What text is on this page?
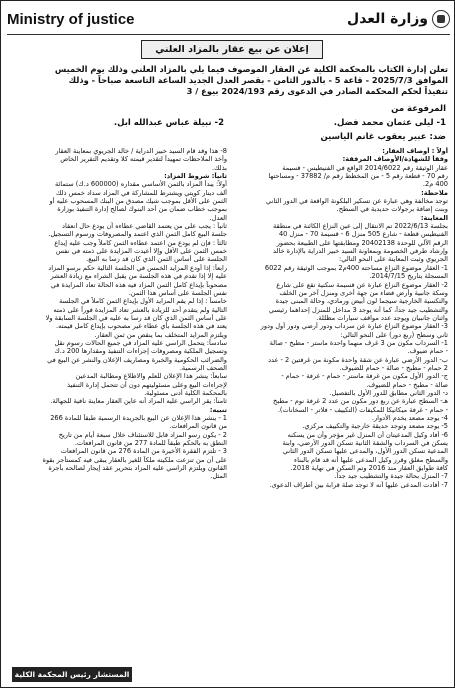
Ministry of justice	وزارة العدل
إعلان عن بيع عقار بالمزاد العلني
تعلن إدارة الكتاب بالمحكمة الكلية عن العقار الموصوف فيما يلي بالمزاد العلني وذلك يوم الخميس
الموافق 2025/7/3 - قاعة 5 - بالدور الثامن - بقصر العدل الجديد الساعة التاسعة صباحاً - وذلك
تنفيذاً لحكم المحكمة الصادر في الدعوى رقم 2024/193 بيوع / 3
المرفوعة من
1- ليلى عثمان محمد فضل.
2- نبيلة عباس عبدالله ابل.
ضد: عبير يعقوب غانم الياسين
أولاً : أوصاف العقار:
وفقاً للشهادة/الأوصاف المرفقة:
عقار الوثيقة رقم 2014/6022 الواقع في الفنيطيس - قسيمة
رقم 70 - قطعة رقم 5 - من المخطط رقم م/ 37882 - ومساحتها
400 م2.
ملاحظة:
توجد مخالفة وهي عبارة عن تسكير البلكونة الواقعة في الدور الثاني
وبنت إضافة برجولات حديدية في السطح.
المعاينة:
بجلسة 2022/6/13 تم الانتقال إلى عين النزاع الكائنة في منطقة
الفنيطيس قطعة - شارع 505 منزل 6 - قسيمة 70 - منزل 40
الرقم الآلي للوحدة 20402138 ومطابقتها على الطبيعة بحضور
وإرشاد طرفي الخصومة وبمعاونة السيد خبير الدراية بالإدارة خالد
الجريوي وثبت المعاينة على النحو التالي:
1- العقار موضوع النزاع مساحته 400م2 بموجب الوثيقة رقم 6022
المسجلة بتاريخ 2014/7/15.
2- العقار موضوع النزاع عبارة عن قسيمة سكنية تقع على شارع
وسكة جانبية وأرض فضاء من جهة أخرى ومنزل آخر من الخلف
والتكسية الخارجية سيجما لون أبيض ورمادي، وحالة المبنى جيدة
والتشطيب جيد جداً، كما أنه يوجد 3 مداخل للمنزل إحداهما رئيسي
واثنان جانبيان ويوجد عدد مواقف سيارات مظللة.
3- العقار موضوع النزاع عبارة عن سرداب ودور أرضي ودور أول ودور
ثاني وسطح (ربع دور) على النحو التالي:
1- السرداب مكون من 3 غرف منهما واحدة ماستر - مطبخ - صالة
- حمام ضيوف.
ب- الدور الأرضي عبارة عن شقة واحدة مكونة من غرفتين 2 - عدد
2 حمام - مطبخ - صالة - حمام للضيوف.
ج- الدور الأول مكون من غرفة ماستر - حمام - غرفة - حمام -
صالة - مطبخ - حمام للضيوف.
د- الدور الثاني مطابق للدور الأول بالتفصيل.
هـ- السطح عبارة عن ربع دور مكون من عدد 2 غرفة نوم - مطبخ
- حمام - غرفة ميكانيكا للمكيفات (التكييف - فلاتر - السخانات).
4- يوجد مصعد يخدم الأدوار.
5- يوجد مصعد وتوجد حديقة خارجية والتكييف مركزي.
6- أفاد وكيل المدعيتان أن المنزل غير مؤجر وأن من يسكنه
يسكن في السرداب والشقة الثانية تسكن الدور الأرضي، وابنة
المدعية تسكن الدور الأول، والمدعى عليها تسكن الدور الثاني
والسطح مغلق وقرر وكيل المدعى عليها أنه قد قام بالبناء
كافة طوابق العقار منذ 2016 وتم السكن في نهاية 2018.
7- المنزل بحالة جيدة والتشطيب جيد جداً.
7- أفادت المدعى عليها أنه لا توجد صلة قرابة بين أطراف الدعوى.
8- هذا وقد قام السيد خبير الدراية / خالد الجريوي بمعاينة العقار
وأخذ الملاحظات تمهيداً لتقدير قيمته كلا وتقديم التقرير الخاص
بذلك.
ثانياً: شروط المزاد:
أولاً: يبدأ المزاد بالثمن الأساسي مقداره (600000 د.ك) ستمائة
ألف دينار كويتي ويشترط للمشاركة في المزاد سداد خمس ذلك
الثمن على الأقل بموجب شيك مصدق من البنك المسحوب عليه أو
بموجب خطاب ضمان من أحد البنوك لصالح إدارة التنفيذ بوزارة
العدل.
ثانياً : يجب على من يعتمد القاضي عطاءه أن يودع حال انعقاد
جلسة البيع كامل الثمن الذي اعتمد والمصروفات ورسوم التسجيل.
ثالثاً : فإن لم يودع من اعتمد عطاءه الثمن كاملاً وجب عليه إيداع
خمس الثمن على الأقل وإلا أعيدت المزايدة على ذمته في نفس
الجلسة على أساس الثمن الذي كان قد رسا به البيع.
رابعاً: إذا أودع المزايد الخمس في الجلسة التالية حكم برسو المزاد
عليه إلا إذا تقدم في هذه الجلسة من يقبل الشراء مع زيادة العشر
مصحوباً بإيداع كامل الثمن المزاد فيه هذه الحالة تعاد المزايدة في
نفس الجلسة على أساس هذا الثمن.
خامساً : إذا لم يقم المزايد الأول بإيداع الثمن كاملاً في الجلسة
التالية ولم يتقدم أحد للزيادة بالعشر تعاد المزايدة فوراً على ذمته
على أساس الثمن الذي كان قد رسا به عليه في الجلسة السابقة ولا
يعتد في هذه الجلسة بأي عطاء غير مصحوب بإيداع كامل قيمته.
ويلتزم المزايد المتخلف بما ينقص من ثمن العقار.
سادساً: يتحمل الراسي عليه المزاد في جميع الحالات رسوم نقل
وتسجيل الملكية ومصروفات إجراءات التنفيذ ومقدارها 200 د.ك
والضرائب الحكومية والخبرة ومصاريف الإعلان والنشر عن البيع في
الصحف الرسمية.
سابعاً: ينشر هذا الإعلان للعلم والاطلاع ومطالبة المدعين
لإجراءات البيع وعلى مسئوليتهم دون أن تتحمل إدارة التنفيذ
بالمحكمة الكلية أدنى مسئولية.
ثامناً: يقر الراسي عليه المزاد أنه عاين العقار معاينة نافية للجهالة.
تنبيه:
1 - ينشر هذا الإعلان عن البيع بالجريدة الرسمية طبقاً للمادة 266
من قانون المرافعات.
2 - يكون رسو المزاد قابل للاستئناف خلال سبعة أيام من تاريخ
النطق به بالحكم طبقاً للمادة 277 من قانون المرافعات.
3 - تلتزم الفقرة الأخيرة من المادة 276 من قانون المرافعات
على أن من تنزعت ملكيته ملكاً للغير بالعقار يبقى فيه كمستأجر بقوة
القانون ويلتزم الراسي عليه المزاد بتحرير عقد إيجار لصالحه بأجرة
المثل.
المستشار رئيس المحكمة الكلية
